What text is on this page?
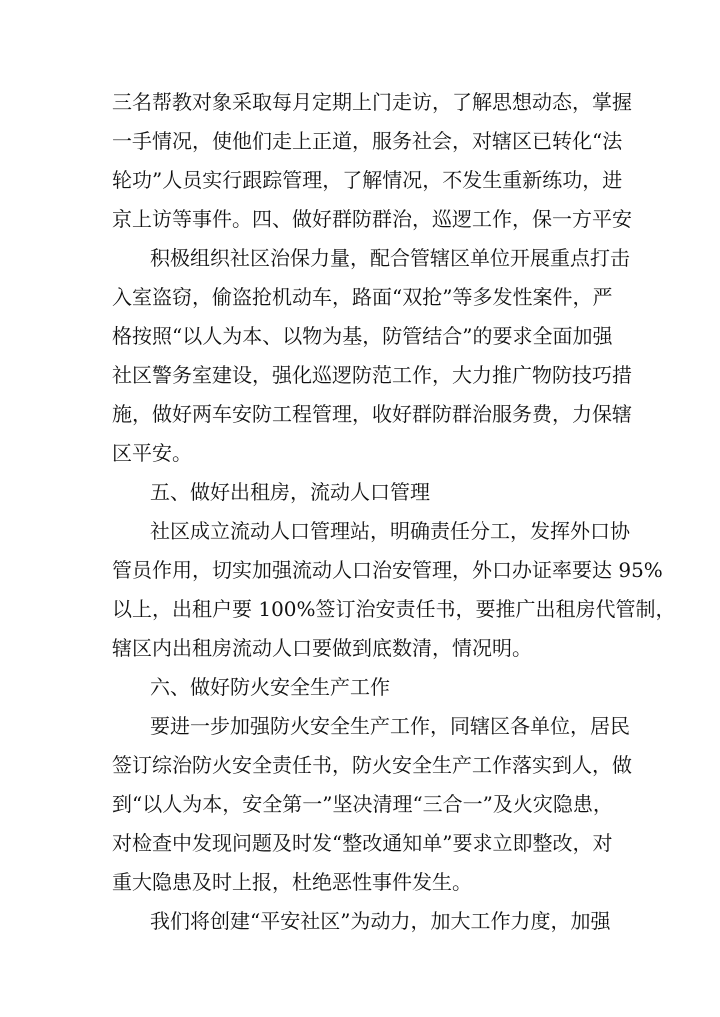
三名帮教对象采取每月定期上门走访，了解思想动态，掌握
一手情况，使他们走上正道，服务社会，对辖区已转化“法
轮功”人员实行跟踪管理，了解情况，不发生重新练功，进
京上访等事件。四、做好群防群治，巡逻工作，保一方平安
积极组织社区治保力量，配合管辖区单位开展重点打击
入室盗窃，偷盗抢机动车，路面“双抢”等多发性案件，严
格按照“以人为本、以物为基，防管结合”的要求全面加强
社区警务室建设，强化巡逻防范工作，大力推广物防技巧措
施，做好两车安防工程管理，收好群防群治服务费，力保辖
区平安。
五、做好出租房，流动人口管理
社区成立流动人口管理站，明确责任分工，发挥外口协
管员作用，切实加强流动人口治安管理，外口办证率要达 95%
以上，出租户要 100%签订治安责任书，要推广出租房代管制，
辖区内出租房流动人口要做到底数清，情况明。
六、做好防火安全生产工作
要进一步加强防火安全生产工作，同辖区各单位，居民
签订综治防火安全责任书，防火安全生产工作落实到人，做
到“以人为本，安全第一”坚决清理“三合一”及火灾隐患，
对检查中发现问题及时发“整改通知单”要求立即整改，对
重大隐患及时上报，杜绝恶性事件发生。
我们将创建“平安社区”为动力，加大工作力度，加强
